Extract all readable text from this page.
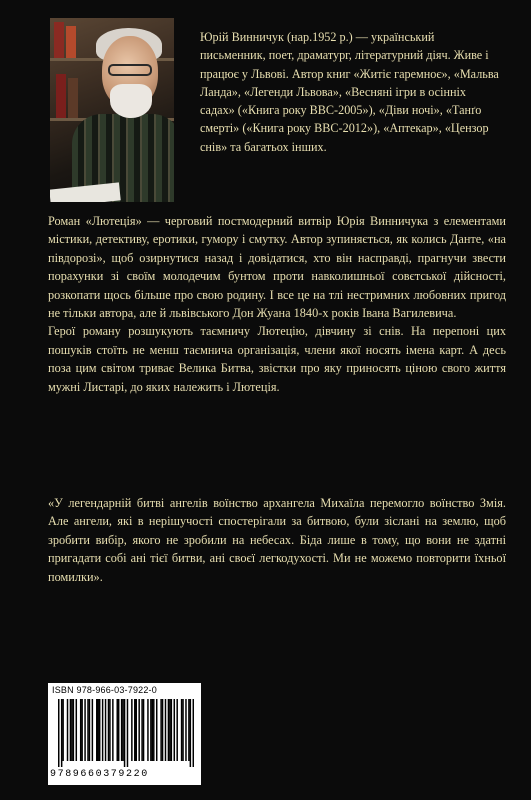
Юрій Винничук (нар.1952 р.) — український письменник, поет, драматург, літературний діяч. Живе і працює у Львові. Автор книг «Житіє гаремноє», «Мальва Ланда», «Легенди Львова», «Весняні ігри в осінніх садах» («Книга року ВВС-2005»), «Діви ночі», «Танґо смерті» («Книга року ВВС-2012»), «Аптекар», «Цензор снів» та багатьох інших.
Роман «Лютеція» — черговий постмодерний витвір Юрія Винничука з елементами містики, детективу, еротики, гумору і смутку. Автор зупиняється, як колись Данте, «на півдорозі», щоб озирнутися назад і довідатися, хто він насправді, прагнучи звести порахунки зі своїм молодечим бунтом проти навколишньої совєтської дійсності, розкопати щось більше про свою родину. І все це на тлі нестримних любовних пригод не тільки автора, але й львівського Дон Жуана 1840-х років Івана Вагилевича.
Герої роману розшукують таємничу Лютецію, дівчину зі снів. На перепоні цих пошуків стоїть не менш таємнича організація, члени якої носять імена карт. А десь поза цим світом триває Велика Битва, звістки про яку приносять ціною свого життя мужні Листарі, до яких належить і Лютеція.
«У легендарній битві ангелів воїнство архангела Михаїла перемогло воїнство Змія. Але ангели, які в нерішучості спостерігали за битвою, були зіслані на землю, щоб зробити вибір, якого не зробили на небесах. Біда лише в тому, що вони не здатні пригадати собі ані тієї битви, ані своєї легкодухості. Ми не можемо повторити їхньої помилки».
ISBN 978-966-03-7922-0
9789660379220
